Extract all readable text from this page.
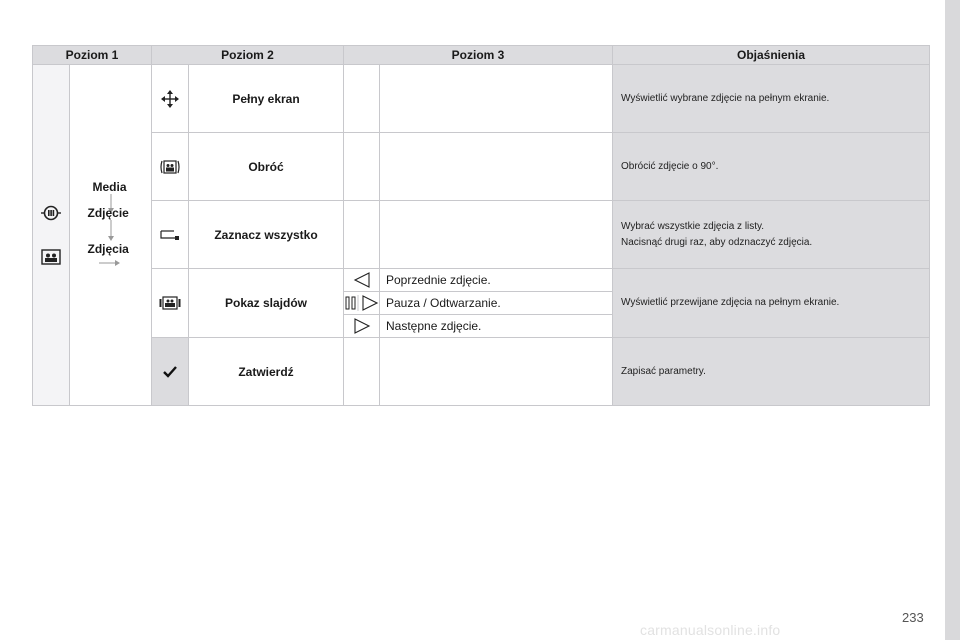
Poziom 1		Poziom 2		Poziom 3		Objaśnienia

Media
Zdjęcie
Zdjęcia		Pełny ekran			Wyświetlić wybrane zdjęcie na pełnym ekranie.

	Obróć			Obrócić zdjęcie o 90°.

	Zaznacz wszystko			Wybrać wszystkie zdjęcia z listy.
Nacisnąć drugi raz, aby odznaczyć zdjęcia.

	Pokaz slajdów		Poprzednie zdjęcie.	Wyświetlić przewijane zdjęcia na pełnym ekranie.

	Pauza / Odtwarzanie.	
	Następne zdjęcie.	
	Zatwierdź			Zapisać parametry.
233
carmanualsonline.info
